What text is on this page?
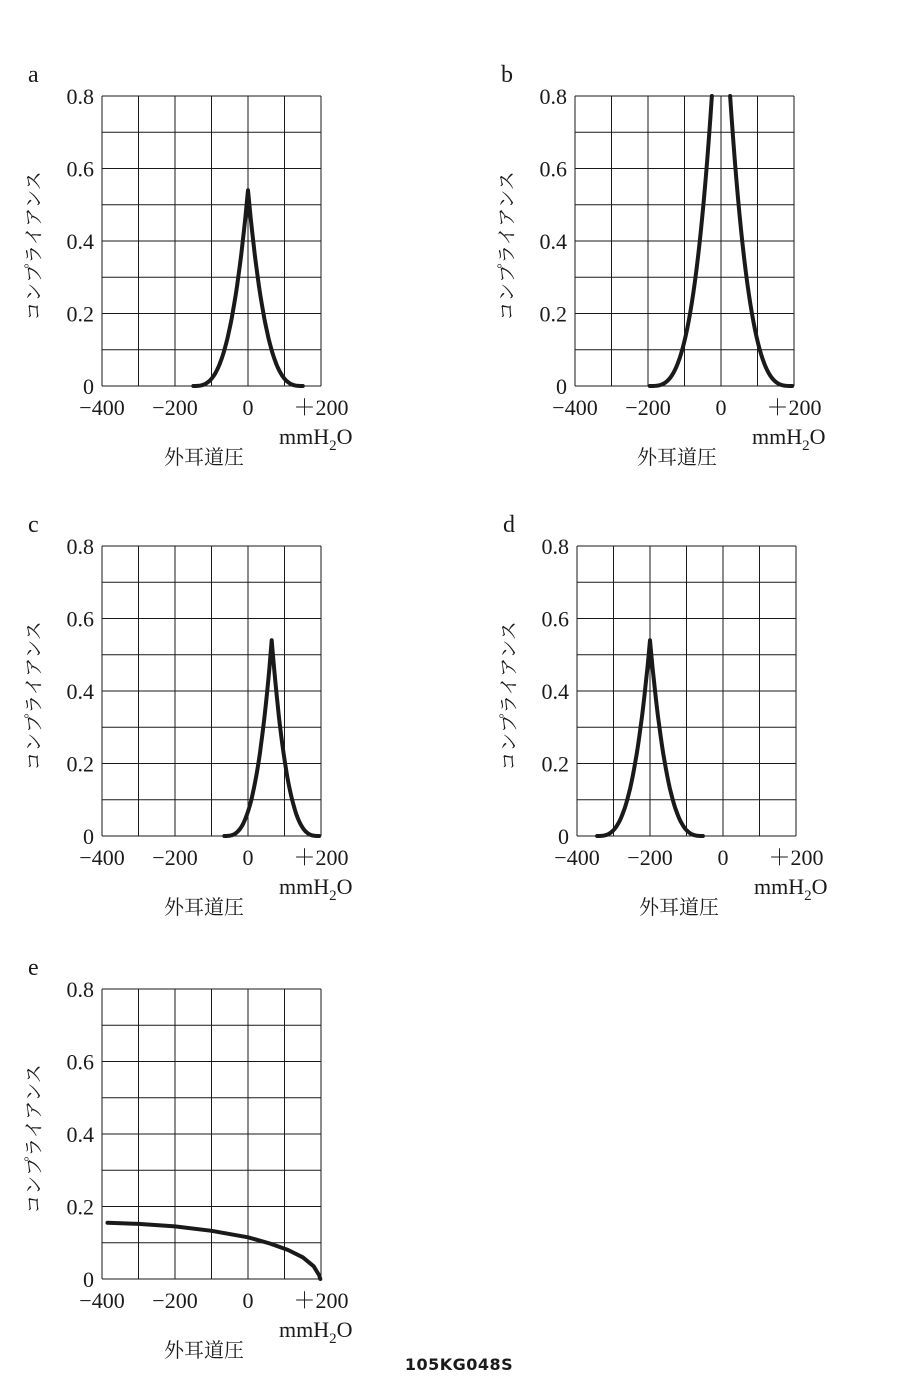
a
0
0.2
0.4
0.6
0.8
−400 −200 0 ＋200
mmH$_2$O
外耳道圧
コンプライアンス
b
0
0.2
0.4
0.6
0.8
−400 −200 0 ＋200
mmH$_2$O
外耳道圧
コンプライアンス
c
0
0.2
0.4
0.6
0.8
−400 −200 0 ＋200
mmH$_2$O
外耳道圧
コンプライアンス
d
0
0.2
0.4
0.6
0.8
−400 −200 0 ＋200
mmH$_2$O
外耳道圧
コンプライアンス
e
0
0.2
0.4
0.6
0.8
−400 −200 0 ＋200
mmH$_2$O
外耳道圧
コンプライアンス
105KG048S
